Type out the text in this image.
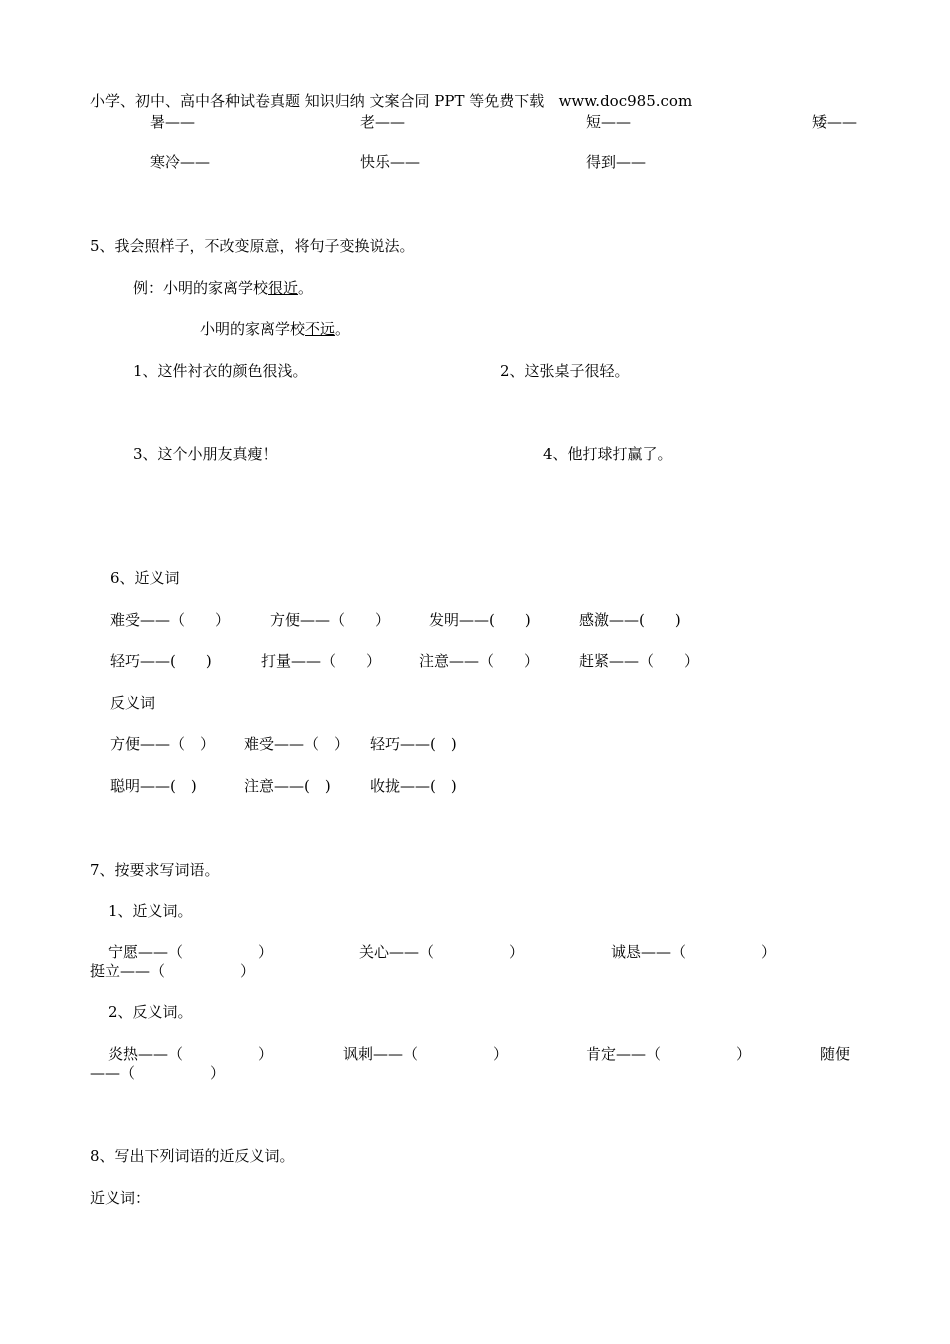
小学、初中、高中各种试卷真题 知识归纳 文案合同 PPT 等免费下载   www.doc985.com
暑——	老——	短——	矮——
寒冷——	快乐——	得到——
5、我会照样子，不改变原意，将句子变换说法。
例：小明的家离学校很近。
小明的家离学校不远。
1、这件衬衣的颜色很浅。	2、这张桌子很轻。
3、这个小朋友真瘦！	4、他打球打赢了。
6、近义词
难受——（　　）	方便——（　　）	发明——(　　)	感激——(　　)
轻巧——(　　)	打量——（　　）	注意——（　　）	赶紧——（　　）
反义词
方便——（　） 难受——（　） 轻巧——(　)
聪明——(　)	注意——(　)	收拢——(　)
7、按要求写词语。
1、近义词。
宁愿——（　　　　　）	关心——（　　　　　）	诚恳——（　　　　　）
挺立——（　　　　　）
2、反义词。
炎热——（　　　　　）	讽刺——（　　　　　）	肯定——（　　　　　）	随便
——（　　　　　）
8、写出下列词语的近反义词。
近义词：
